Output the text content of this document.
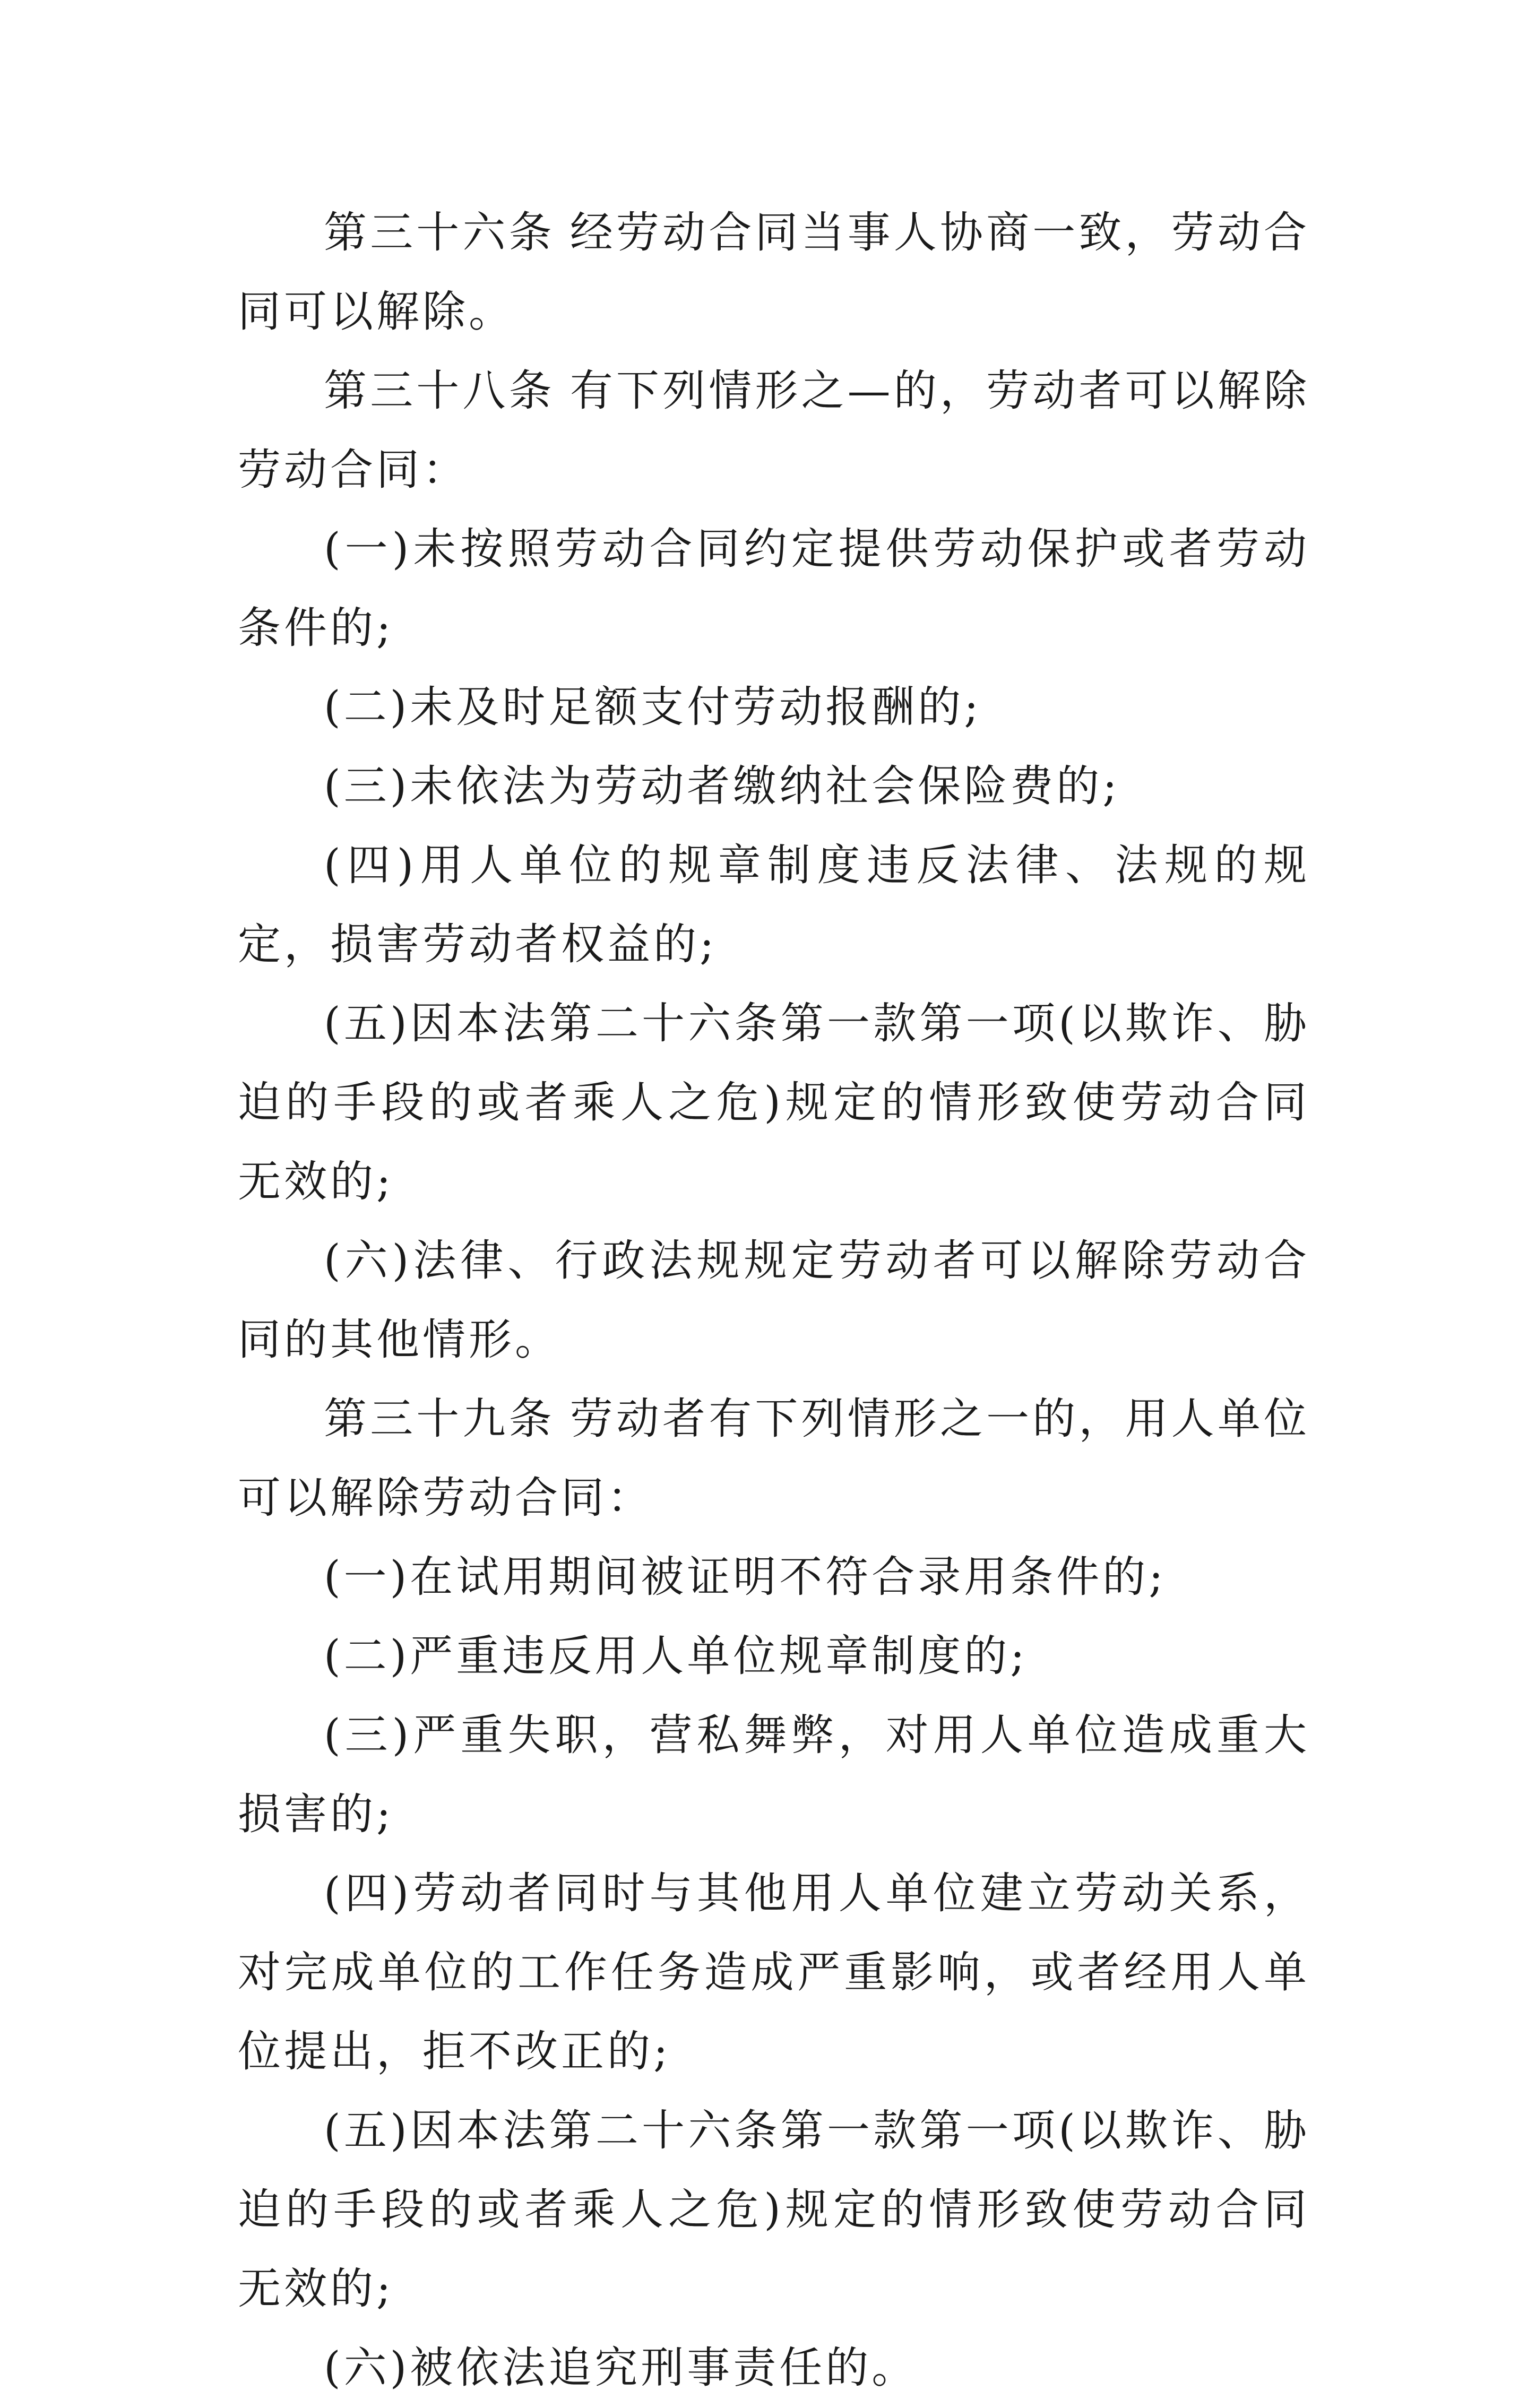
第三十六条 经劳动合同当事人协商一致，劳动合同可以解除。

第三十八条 有下列情形之—的，劳动者可以解除劳动合同：

(一)未按照劳动合同约定提供劳动保护或者劳动条件的;

(二)未及时足额支付劳动报酬的;

(三)未依法为劳动者缴纳社会保险费的;

(四)用人单位的规章制度违反法律、法规的规定，损害劳动者权益的;

(五)因本法第二十六条第一款第一项(以欺诈、胁迫的手段的或者乘人之危)规定的情形致使劳动合同无效的;

(六)法律、行政法规规定劳动者可以解除劳动合同的其他情形。

第三十九条 劳动者有下列情形之一的，用人单位可以解除劳动合同：

(一)在试用期间被证明不符合录用条件的;

(二)严重违反用人单位规章制度的;

(三)严重失职，营私舞弊，对用人单位造成重大损害的;

(四)劳动者同时与其他用人单位建立劳动关系，对完成单位的工作任务造成严重影响，或者经用人单位提出，拒不改正的;

(五)因本法第二十六条第一款第一项(以欺诈、胁迫的手段的或者乘人之危)规定的情形致使劳动合同无效的;

(六)被依法追究刑事责任的。
